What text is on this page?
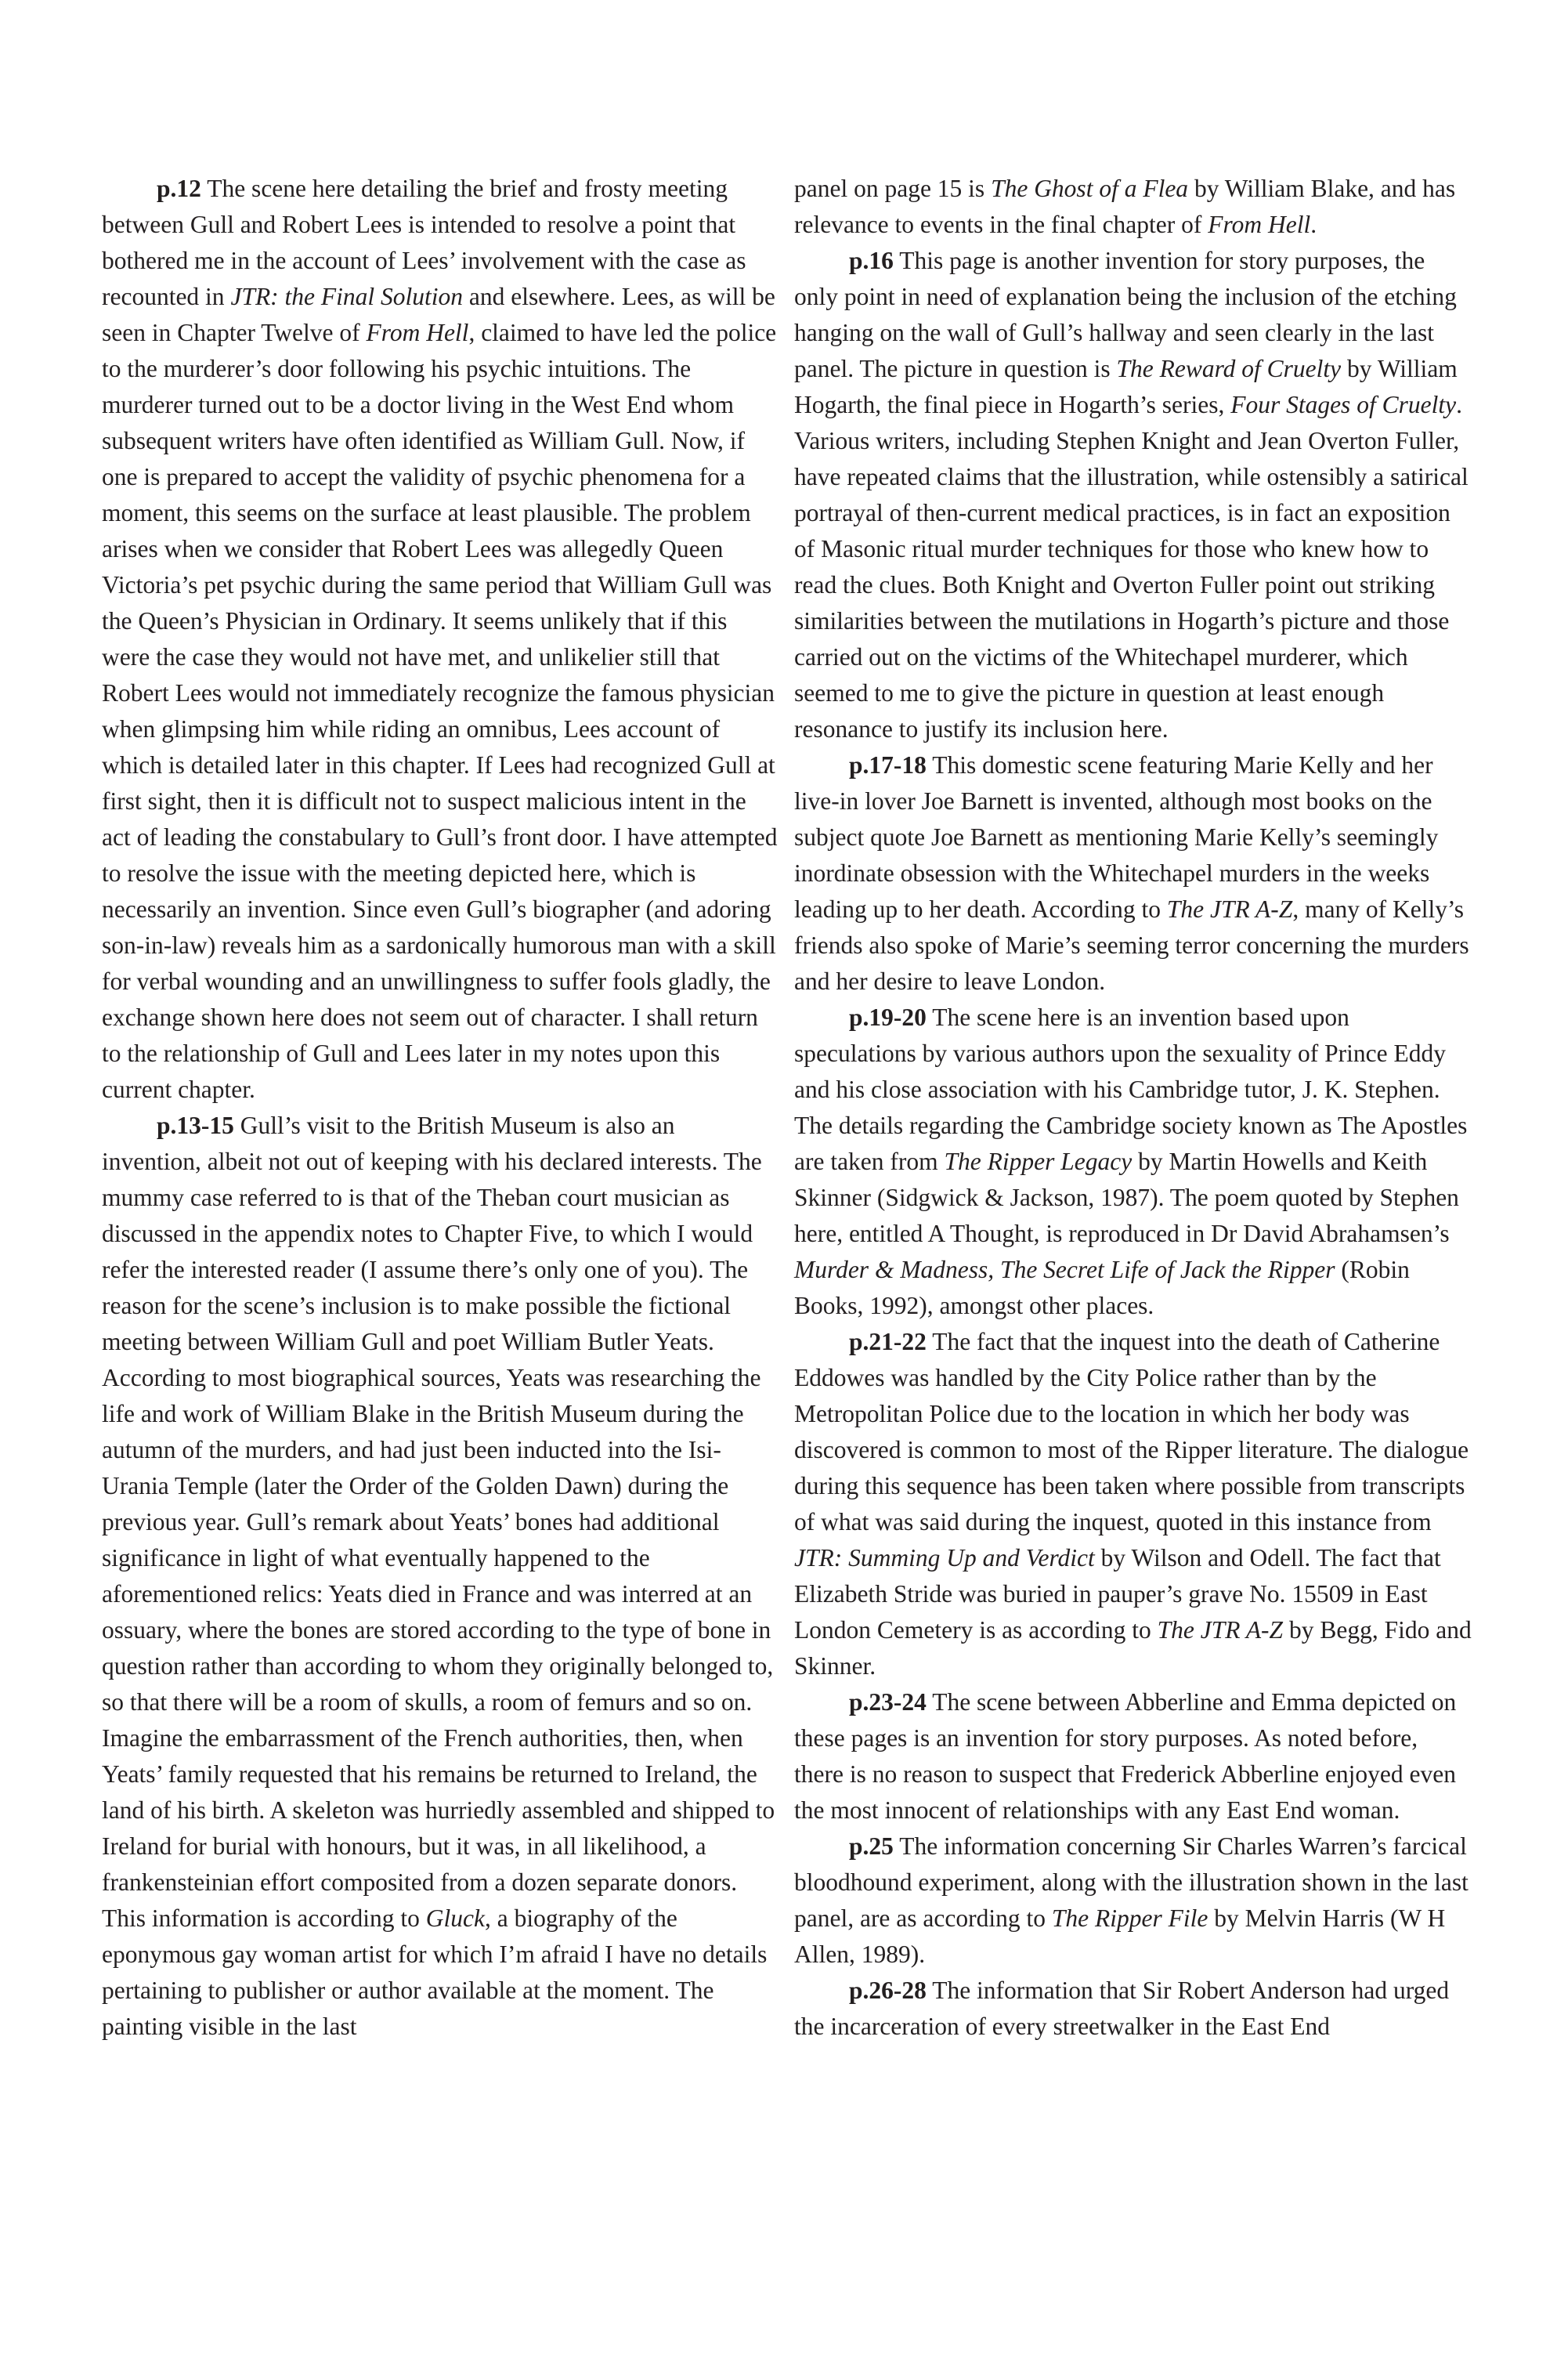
p.12 The scene here detailing the brief and frosty meeting between Gull and Robert Lees is intended to resolve a point that bothered me in the account of Lees’ involvement with the case as recounted in JTR: the Final Solution and elsewhere. Lees, as will be seen in Chapter Twelve of From Hell, claimed to have led the police to the murderer’s door following his psychic intuitions. The murderer turned out to be a doctor living in the West End whom subsequent writers have often identified as William Gull. Now, if one is prepared to accept the validity of psychic phenomena for a moment, this seems on the surface at least plausible. The problem arises when we consider that Robert Lees was allegedly Queen Victoria’s pet psychic during the same period that William Gull was the Queen’s Physician in Ordinary. It seems unlikely that if this were the case they would not have met, and unlikelier still that Robert Lees would not immediately recognize the famous physician when glimpsing him while riding an omnibus, Lees account of which is detailed later in this chapter. If Lees had recognized Gull at first sight, then it is difficult not to suspect malicious intent in the act of leading the constabulary to Gull’s front door. I have attempted to resolve the issue with the meeting depicted here, which is necessarily an invention. Since even Gull’s biographer (and adoring son-in-law) reveals him as a sardonically humorous man with a skill for verbal wounding and an unwillingness to suffer fools gladly, the exchange shown here does not seem out of character. I shall return to the relationship of Gull and Lees later in my notes upon this current chapter.

p.13-15 Gull’s visit to the British Museum is also an invention, albeit not out of keeping with his declared interests. The mummy case referred to is that of the Theban court musician as discussed in the appendix notes to Chapter Five, to which I would refer the interested reader (I assume there’s only one of you). The reason for the scene’s inclusion is to make possible the fictional meeting between William Gull and poet William Butler Yeats. According to most biographical sources, Yeats was researching the life and work of William Blake in the British Museum during the autumn of the murders, and had just been inducted into the Isi-Urania Temple (later the Order of the Golden Dawn) during the previous year. Gull’s remark about Yeats’ bones had additional significance in light of what eventually happened to the aforementioned relics: Yeats died in France and was interred at an ossuary, where the bones are stored according to the type of bone in question rather than according to whom they originally belonged to, so that there will be a room of skulls, a room of femurs and so on. Imagine the embarrassment of the French authorities, then, when Yeats’ family requested that his remains be returned to Ireland, the land of his birth. A skeleton was hurriedly assembled and shipped to Ireland for burial with honours, but it was, in all likelihood, a frankensteinian effort composited from a dozen separate donors. This information is according to Gluck, a biography of the eponymous gay woman artist for which I’m afraid I have no details pertaining to publisher or author available at the moment. The painting visible in the last

panel on page 15 is The Ghost of a Flea by William Blake, and has relevance to events in the final chapter of From Hell.

p.16 This page is another invention for story purposes, the only point in need of explanation being the inclusion of the etching hanging on the wall of Gull’s hallway and seen clearly in the last panel. The picture in question is The Reward of Cruelty by William Hogarth, the final piece in Hogarth’s series, Four Stages of Cruelty. Various writers, including Stephen Knight and Jean Overton Fuller, have repeated claims that the illustration, while ostensibly a satirical portrayal of then-current medical practices, is in fact an exposition of Masonic ritual murder techniques for those who knew how to read the clues. Both Knight and Overton Fuller point out striking similarities between the mutilations in Hogarth’s picture and those carried out on the victims of the Whitechapel murderer, which seemed to me to give the picture in question at least enough resonance to justify its inclusion here.

p.17-18 This domestic scene featuring Marie Kelly and her live-in lover Joe Barnett is invented, although most books on the subject quote Joe Barnett as mentioning Marie Kelly’s seemingly inordinate obsession with the Whitechapel murders in the weeks leading up to her death. According to The JTR A-Z, many of Kelly’s friends also spoke of Marie’s seeming terror concerning the murders and her desire to leave London.

p.19-20 The scene here is an invention based upon speculations by various authors upon the sexuality of Prince Eddy and his close association with his Cambridge tutor, J. K. Stephen. The details regarding the Cambridge society known as The Apostles are taken from The Ripper Legacy by Martin Howells and Keith Skinner (Sidgwick & Jackson, 1987). The poem quoted by Stephen here, entitled A Thought, is reproduced in Dr David Abrahamsen’s Murder & Madness, The Secret Life of Jack the Ripper (Robin Books, 1992), amongst other places.

p.21-22 The fact that the inquest into the death of Catherine Eddowes was handled by the City Police rather than by the Metropolitan Police due to the location in which her body was discovered is common to most of the Ripper literature. The dialogue during this sequence has been taken where possible from transcripts of what was said during the inquest, quoted in this instance from JTR: Summing Up and Verdict by Wilson and Odell. The fact that Elizabeth Stride was buried in pauper’s grave No. 15509 in East London Cemetery is as according to The JTR A-Z by Begg, Fido and Skinner.

p.23-24 The scene between Abberline and Emma depicted on these pages is an invention for story purposes. As noted before, there is no reason to suspect that Frederick Abberline enjoyed even the most innocent of relationships with any East End woman.

p.25 The information concerning Sir Charles Warren’s farcical bloodhound experiment, along with the illustration shown in the last panel, are as according to The Ripper File by Melvin Harris (W H Allen, 1989).

p.26-28 The information that Sir Robert Anderson had urged the incarceration of every streetwalker in the East End
